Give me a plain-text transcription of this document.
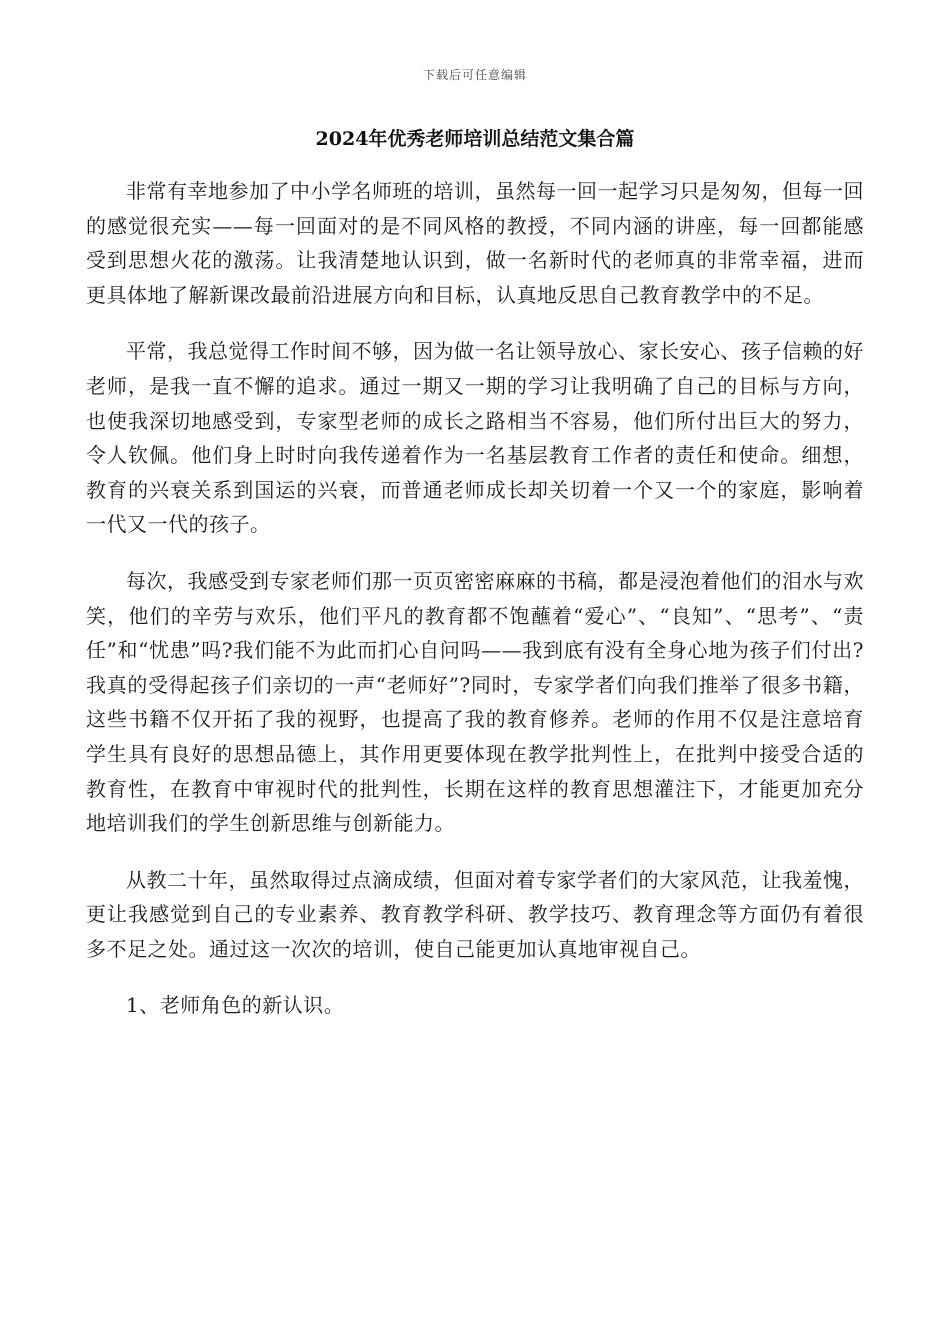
下载后可任意编辑
2024年优秀老师培训总结范文集合篇

非常有幸地参加了中小学名师班的培训，虽然每一回一起学习只是匆匆，但每一回的感觉很充实——每一回面对的是不同风格的教授，不同内涵的讲座，每一回都能感受到思想火花的激荡。让我清楚地认识到，做一名新时代的老师真的非常幸福，进而更具体地了解新课改最前沿进展方向和目标，认真地反思自己教育教学中的不足。

平常，我总觉得工作时间不够，因为做一名让领导放心、家长安心、孩子信赖的好老师，是我一直不懈的追求。通过一期又一期的学习让我明确了自己的目标与方向，也使我深切地感受到，专家型老师的成长之路相当不容易，他们所付出巨大的努力，令人钦佩。他们身上时时向我传递着作为一名基层教育工作者的责任和使命。细想，教育的兴衰关系到国运的兴衰，而普通老师成长却关切着一个又一个的家庭，影响着一代又一代的孩子。

每次，我感受到专家老师们那一页页密密麻麻的书稿，都是浸泡着他们的泪水与欢笑，他们的辛劳与欢乐，他们平凡的教育都不饱蘸着“爱心”、“良知”、“思考”、“责任”和“忧患”吗?我们能不为此而扪心自问吗——我到底有没有全身心地为孩子们付出?我真的受得起孩子们亲切的一声“老师好”?同时，专家学者们向我们推举了很多书籍，这些书籍不仅开拓了我的视野，也提高了我的教育修养。老师的作用不仅是注意培育学生具有良好的思想品德上，其作用更要体现在教学批判性上，在批判中接受合适的教育性，在教育中审视时代的批判性，长期在这样的教育思想灌注下，才能更加充分地培训我们的学生创新思维与创新能力。

从教二十年，虽然取得过点滴成绩，但面对着专家学者们的大家风范，让我羞愧，更让我感觉到自己的专业素养、教育教学科研、教学技巧、教育理念等方面仍有着很多不足之处。通过这一次次的培训，使自己能更加认真地审视自己。

1、老师角色的新认识。
